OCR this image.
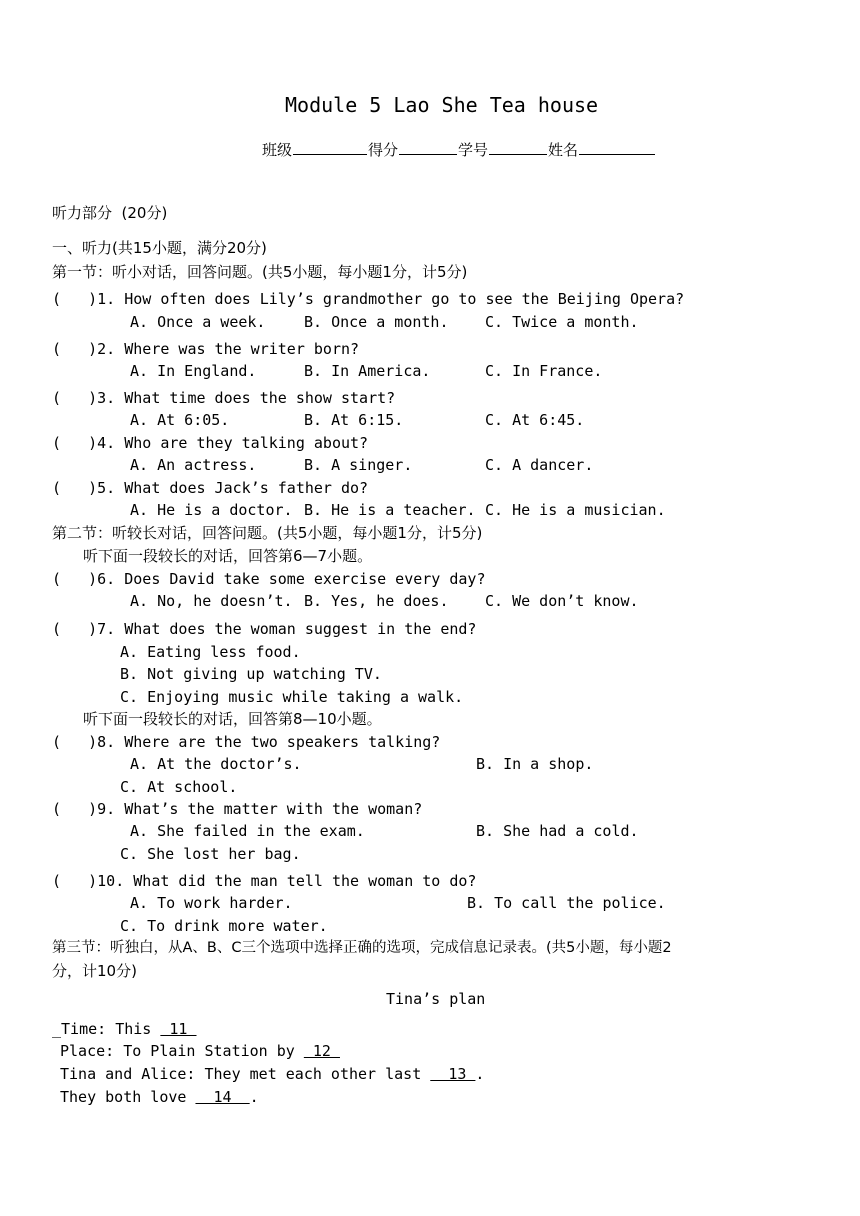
Module 5 Lao She Tea house
班级	得分	学号	姓名
听力部分  (20分)
一、听力(共15小题，满分20分)
第一节：听小对话，回答问题。(共5小题，每小题1分，计5分)
(   )1. How often does Lily’s grandmother go to see the Beijing Opera?
A. Once a week.	B. Once a month. C. Twice a month.
(   )2. Where was the writer born?
A. In England.	B. In America.	C. In France.
(   )3. What time does the show start?
A. At 6:05.	B. At 6:15.	C. At 6:45.
(   )4. Who are they talking about?
A. An actress.	B. A singer.	C. A dancer.
(   )5. What does Jack’s father do?
A. He is a doctor. B. He is a teacher. C. He is a musician.
第二节：听较长对话，回答问题。(共5小题，每小题1分，计5分)
听下面一段较长的对话，回答第6—7小题。
(   )6. Does David take some exercise every day?
A. No, he doesn’t. B. Yes, he does. C. We don’t know.
(   )7. What does the woman suggest in the end?
A. Eating less food.
B. Not giving up watching TV.
C. Enjoying music while taking a walk.
听下面一段较长的对话，回答第8—10小题。
(   )8. Where are the two speakers talking?
A. At the doctor’s.	B. In a shop.
C. At school.
(   )9. What’s the matter with the woman?
A. She failed in the exam.	B. She had a cold.
C. She lost her bag.
(   )10. What did the man tell the woman to do?
A. To work harder.	B. To call the police.
C. To drink more water.
第三节：听独白，从A、B、C三个选项中选择正确的选项，完成信息记录表。(共5小题，每小题2
分，计10分)
Tina’s plan
_Time: This  11
Place: To Plain Station by  12
Tina and Alice: They met each other last   13 .
They both love   14  .
